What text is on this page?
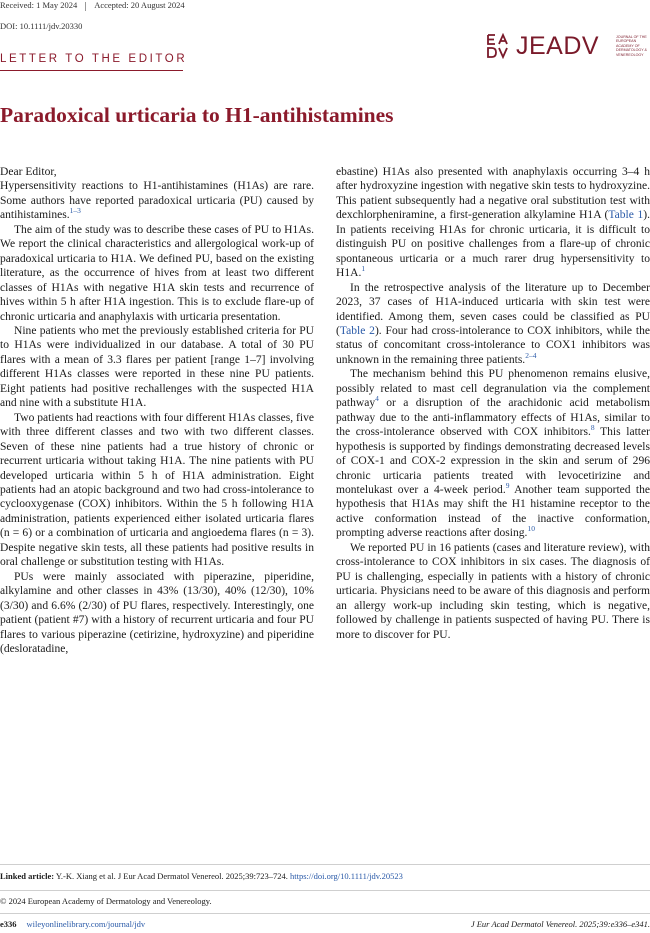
Received: 1 May 2024 Accepted: 20 August 2024
DOI: 10.1111/jdv.20330
JEADV	JOURNAL OF THE EUROPEAN ACADEMY OF DERMATOLOGY & VENEREOLOGY
LETTER TO THE EDITOR
Paradoxical urticaria to H1-antihistamines

Dear Editor,

Hypersensitivity reactions to H1-antihistamines (H1As) are rare. Some authors have reported paradoxical urticaria (PU) caused by antihistamines.$^{1-3}$

The aim of the study was to describe these cases of PU to H1As. We report the clinical characteristics and allergological work-up of paradoxical urticaria to H1A. We defined PU, based on the existing literature, as the occurrence of hives from at least two different classes of H1As with negative H1A skin tests and recurrence of hives within 5 h after H1A ingestion. This is to exclude flare-up of chronic urticaria and anaphylaxis with urticaria presentation.

Nine patients who met the previously established criteria for PU to H1As were individualized in our database. A total of 30 PU flares with a mean of 3.3 flares per patient [range 1–7] involving different H1As classes were reported in these nine PU patients. Eight patients had positive rechallenges with the suspected H1A and nine with a substitute H1A.

Two patients had reactions with four different H1As classes, five with three different classes and two with two different classes. Seven of these nine patients had a true history of chronic or recurrent urticaria without taking H1A. The nine patients with PU developed urticaria within 5 h of H1A administration. Eight patients had an atopic background and two had cross-intolerance to cyclooxygenase (COX) inhibitors. Within the 5 h following H1A administration, patients experienced either isolated urticaria flares (n = 6) or a combination of urticaria and angioedema flares (n = 3). Despite negative skin tests, all these patients had positive results in oral challenge or substitution testing with H1As.

PUs were mainly associated with piperazine, piperidine, alkylamine and other classes in 43% (13/30), 40% (12/30), 10% (3/30) and 6.6% (2/30) of PU flares, respectively. Interestingly, one patient (patient #7) with a history of recurrent urticaria and four PU flares to various piperazine (cetirizine, hydroxyzine) and piperidine (desloratadine,

ebastine) H1As also presented with anaphylaxis occurring 3–4 h after hydroxyzine ingestion with negative skin tests to hydroxyzine. This patient subsequently had a negative oral substitution test with dexchlorpheniramine, a first-generation alkylamine H1A (Table 1). In patients receiving H1As for chronic urticaria, it is difficult to distinguish PU on positive challenges from a flare-up of chronic spontaneous urticaria or a much rarer drug hypersensitivity to H1A.$^1$

In the retrospective analysis of the literature up to December 2023, 37 cases of H1A-induced urticaria with skin test were identified. Among them, seven cases could be classified as PU (Table 2). Four had cross-intolerance to COX inhibitors, while the status of concomitant cross-intolerance to COX1 inhibitors was unknown in the remaining three patients.$^{2-4}$

The mechanism behind this PU phenomenon remains elusive, possibly related to mast cell degranulation via the complement pathway$^4$ or a disruption of the arachidonic acid metabolism pathway due to the anti-inflammatory effects of H1As, similar to the cross-intolerance observed with COX inhibitors.$^8$ This latter hypothesis is supported by findings demonstrating decreased levels of COX-1 and COX-2 expression in the skin and serum of 296 chronic urticaria patients treated with levocetirizine and montelukast over a 4-week period.$^9$ Another team supported the hypothesis that H1As may shift the H1 histamine receptor to the active conformation instead of the inactive conformation, prompting adverse reactions after dosing.$^{10}$

We reported PU in 16 patients (cases and literature review), with cross-intolerance to COX inhibitors in six cases. The diagnosis of PU is challenging, especially in patients with a history of chronic urticaria. Physicians need to be aware of this diagnosis and perform an allergy work-up including skin testing, which is negative, followed by challenge in patients suspected of having PU. There is more to discover for PU.

Linked article: Y.-K. Xiang et al. J Eur Acad Dermatol Venereol. 2025;39:723–724. https://doi.org/10.1111/jdv.20523
© 2024 European Academy of Dermatology and Venereology.
e336 wileyonlinelibrary.com/journal/jdv	J Eur Acad Dermatol Venereol. 2025;39:e336–e341.
